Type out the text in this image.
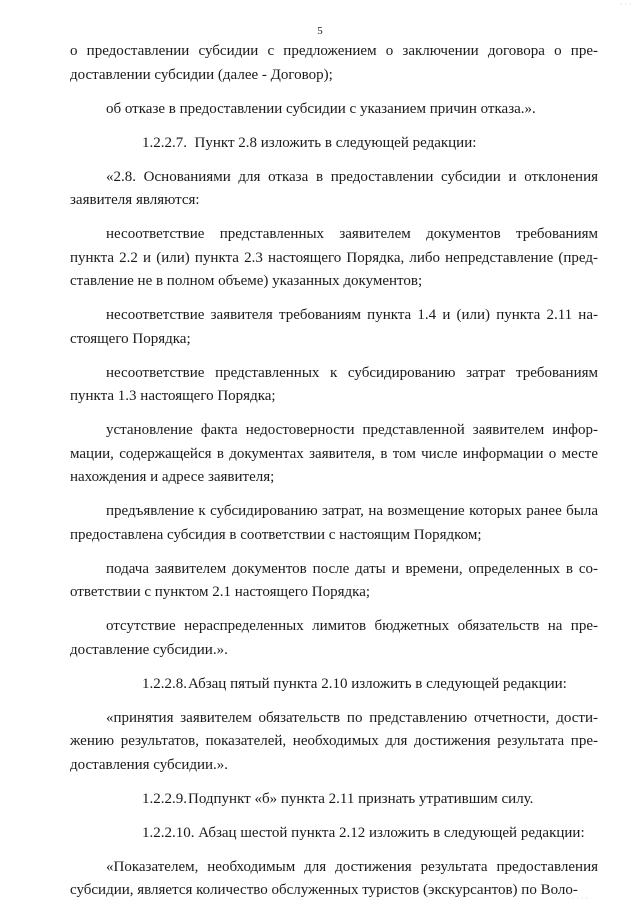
· · ·
5

о предоставлении субсидии с предложением о заключении договора о предоставлении субсидии (далее - Договор);

об отказе в предоставлении субсидии с указанием причин отказа.».

1.2.2.7. Пункт 2.8 изложить в следующей редакции:

«2.8. Основаниями для отказа в предоставлении субсидии и отклонения заявителя являются:

несоответствие представленных заявителем документов требованиям пункта 2.2 и (или) пункта 2.3 настоящего Порядка, либо непредставление (представление не в полном объеме) указанных документов;

несоответствие заявителя требованиям пункта 1.4 и (или) пункта 2.11 настоящего Порядка;

несоответствие представленных к субсидированию затрат требованиям пункта 1.3 настоящего Порядка;

установление факта недостоверности представленной заявителем информации, содержащейся в документах заявителя, в том числе информации о месте нахождения и адресе заявителя;

предъявление к субсидированию затрат, на возмещение которых ранее была предоставлена субсидия в соответствии с настоящим Порядком;

подача заявителем документов после даты и времени, определенных в соответствии с пунктом 2.1 настоящего Порядка;

отсутствие нераспределенных лимитов бюджетных обязательств на предоставление субсидии.».

1.2.2.8.Абзац пятый пункта 2.10 изложить в следующей редакции:

«принятия заявителем обязательств по представлению отчетности, достижению результатов, показателей, необходимых для достижения результата предоставления субсидии.».

1.2.2.9.Подпункт «б» пункта 2.11 признать утратившим силу.

1.2.2.10. Абзац шестой пункта 2.12 изложить в следующей редакции:

«Показателем, необходимым для достижения результата предоставления субсидии, является количество обслуженных туристов (экскурсантов) по Воло-

· · · ·
